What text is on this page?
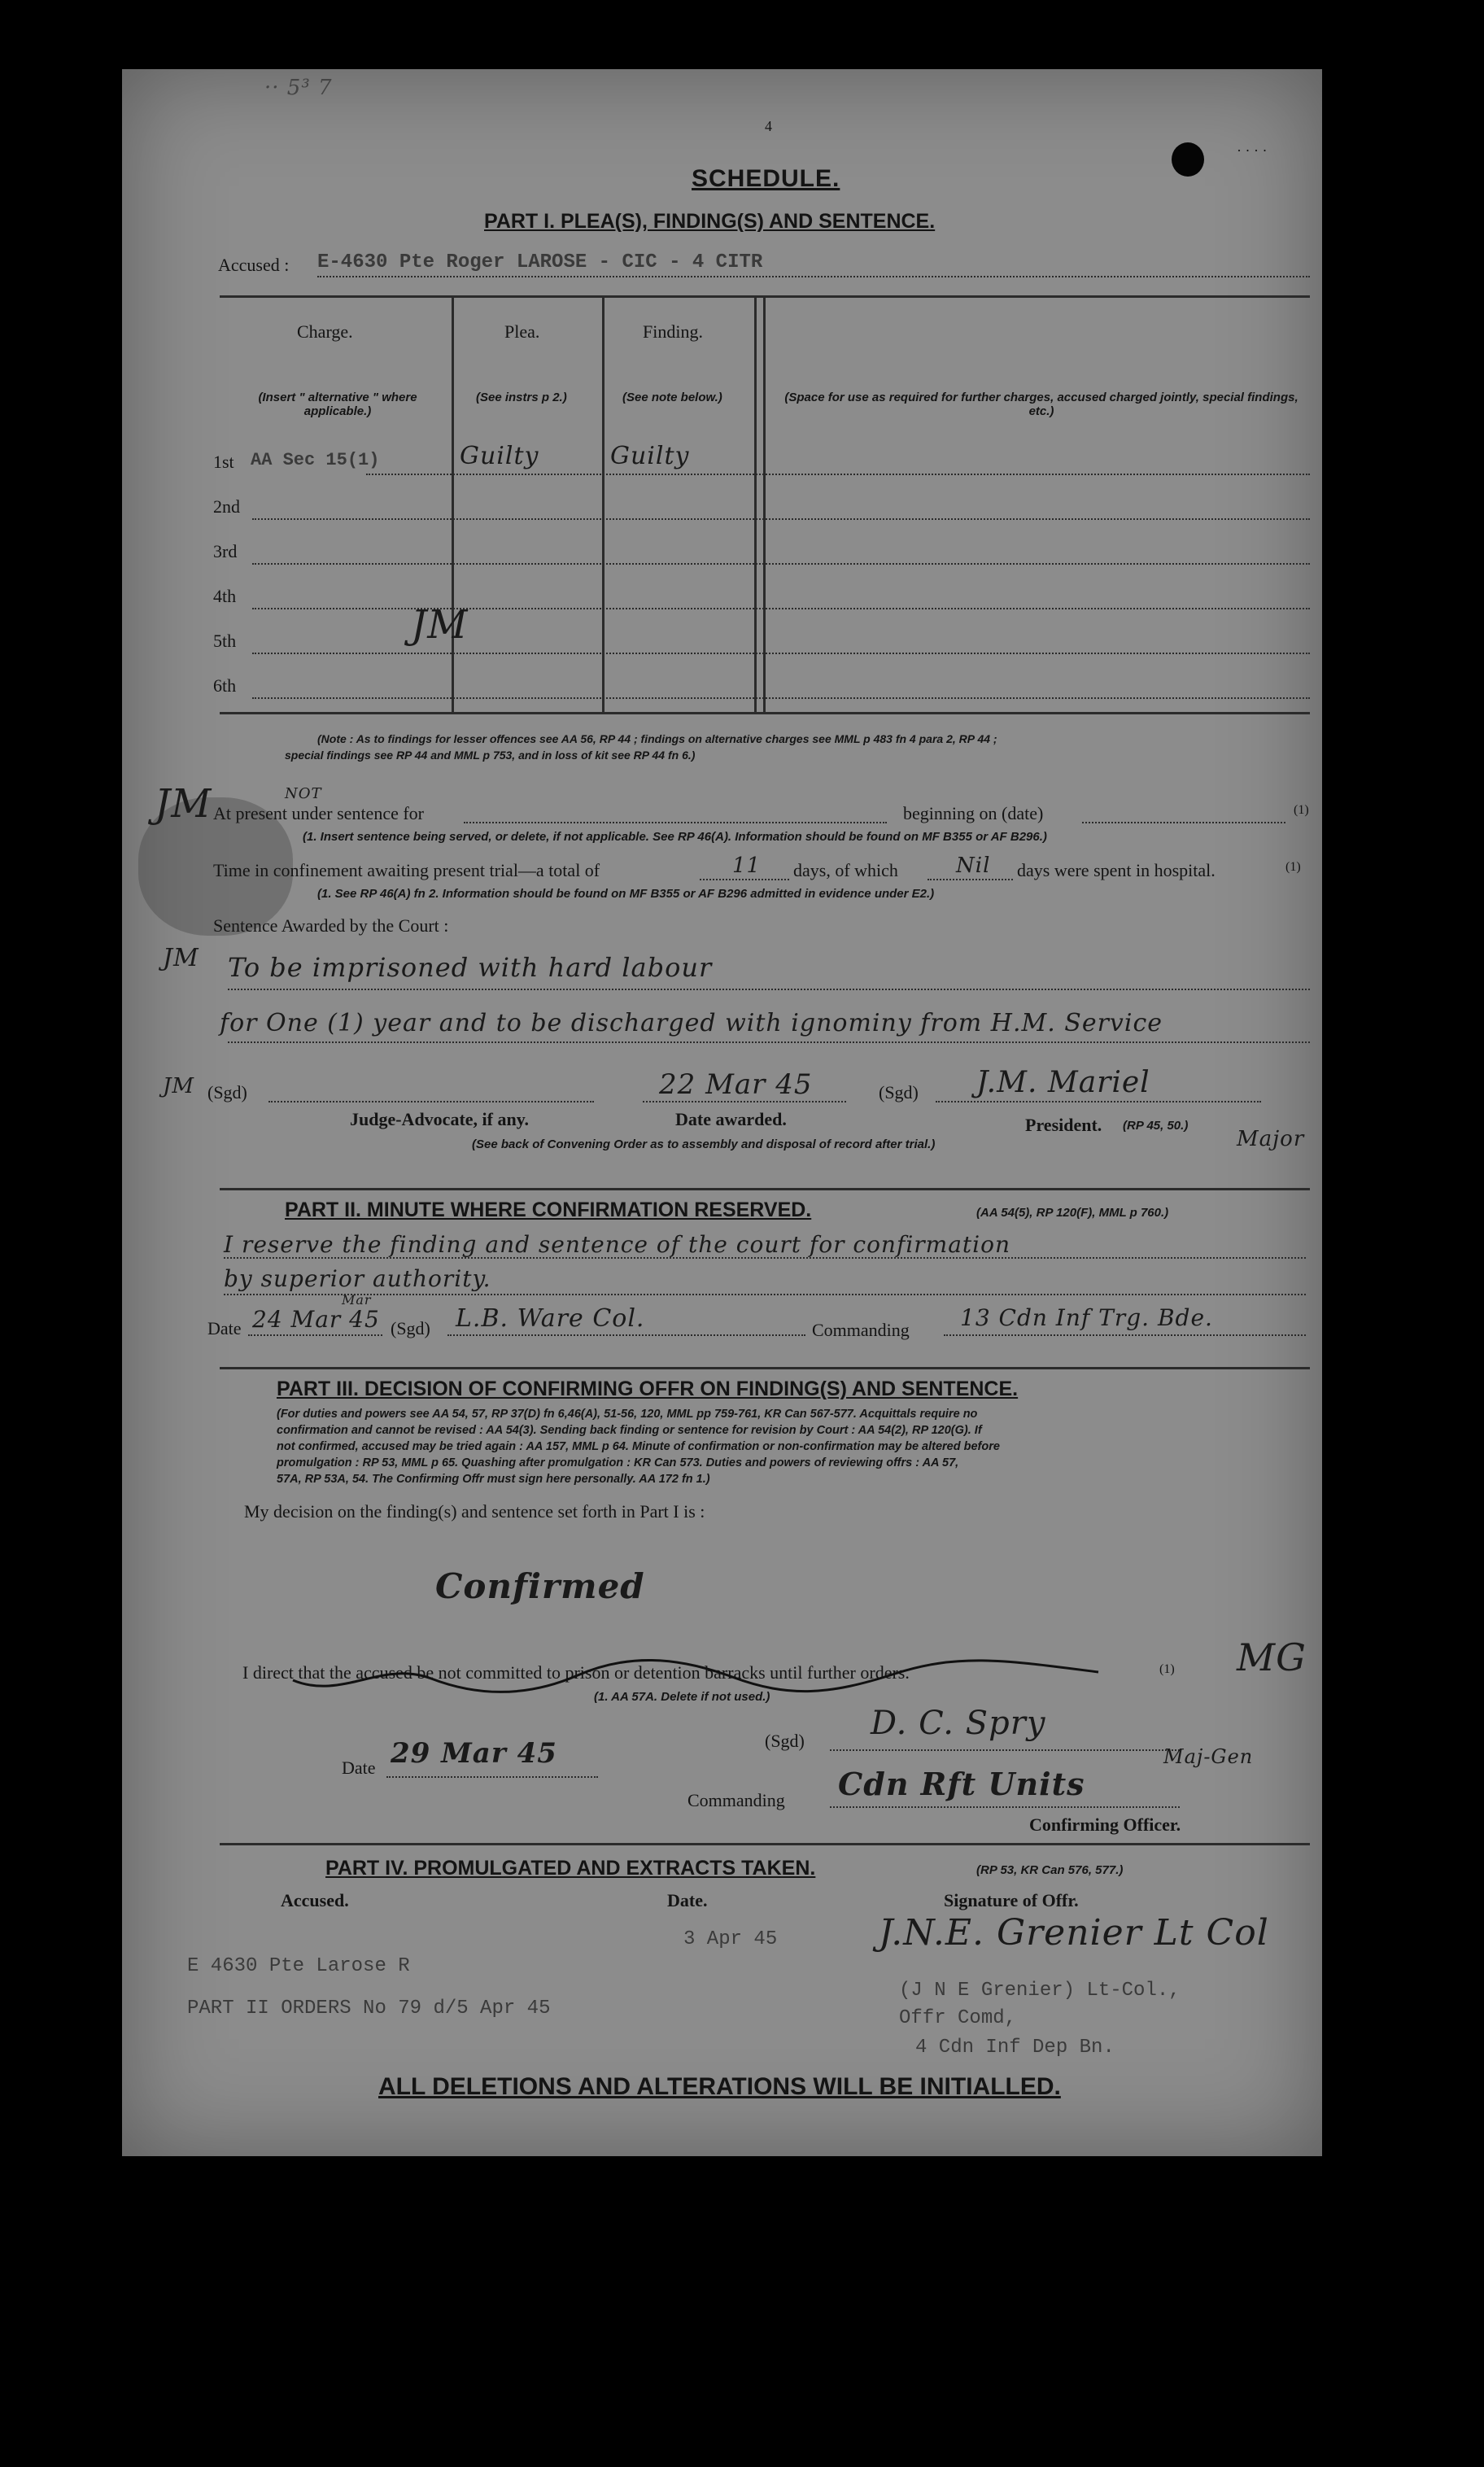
·· 5³ 7
4
· · · ·
SCHEDULE.
PART I. PLEA(S), FINDING(S) AND SENTENCE.
Accused : E-4630 Pte Roger LAROSE - CIC - 4 CITR
Charge.	Plea.	Finding.
(Insert " alternative " where applicable.)
(See instrs p 2.)	(See note below.)	(Space for use as required for further charges, accused charged jointly, special findings, etc.)
1st AA Sec 15(1)	Guilty	Guilty
2nd
3rd
4th
5th
6th
JM
(Note : As to findings for lesser offences see AA 56, RP 44 ; findings on alternative charges see MML p 483 fn 4 para 2, RP 44 ;
special findings see RP 44 and MML p 753, and in loss of kit see RP 44 fn 6.)
JM	NOT
At present under sentence for	beginning on (date)	(1)
(1. Insert sentence being served, or delete, if not applicable. See RP 46(A). Information should be found on MF B355 or AF B296.)
Time in confinement awaiting present trial—a total of	11 days, of which	Nil days were spent in hospital.	(1)
(1. See RP 46(A) fn 2. Information should be found on MF B355 or AF B296 admitted in evidence under E2.)
Sentence Awarded by the Court :
JM To be imprisoned with hard labour
for One (1) year and to be discharged with ignominy from H.M. Service
JM (Sgd)
Judge-Advocate, if any.
22 Mar 45
Date awarded.
(Sgd) J.M. Mariel
President. (RP 45, 50.)
Major
(See back of Convening Order as to assembly and disposal of record after trial.)
PART II. MINUTE WHERE CONFIRMATION RESERVED.	(AA 54(5), RP 120(F), MML p 760.)
I reserve the finding and sentence of the court for confirmation
by superior authority.
Mar
Date 24 Mar 45 (Sgd) L.B. Ware Col.	Commanding 13 Cdn Inf Trg. Bde.
PART III. DECISION OF CONFIRMING OFFR ON FINDING(S) AND SENTENCE.
(For duties and powers see AA 54, 57, RP 37(D) fn 6,46(A), 51-56, 120, MML pp 759-761, KR Can 567-577. Acquittals require no
confirmation and cannot be revised : AA 54(3). Sending back finding or sentence for revision by Court : AA 54(2), RP 120(G). If
not confirmed, accused may be tried again : AA 157, MML p 64. Minute of confirmation or non-confirmation may be altered before
promulgation : RP 53, MML p 65. Quashing after promulgation : KR Can 573. Duties and powers of reviewing offrs : AA 57,
57A, RP 53A, 54. The Confirming Offr must sign here personally. AA 172 fn 1.)
My decision on the finding(s) and sentence set forth in Part I is :
Confirmed
I direct that the accused be not committed to prison or detention barracks until further orders.	(1) MG
(1. AA 57A. Delete if not used.)
(Sgd) D. C. Spry
Maj-Gen
Date 29 Mar 45
Commanding Cdn Rft Units
Confirming Officer.
PART IV. PROMULGATED AND EXTRACTS TAKEN.	(RP 53, KR Can 576, 577.)
Accused.	Date.	Signature of Offr.
E 4630 Pte Larose R
3 Apr 45
PART II ORDERS No 79 d/5 Apr 45
J.N.E. Grenier Lt Col
(J N E Grenier) Lt-Col.,
Offr Comd,
4 Cdn Inf Dep Bn.
ALL DELETIONS AND ALTERATIONS WILL BE INITIALLED.
